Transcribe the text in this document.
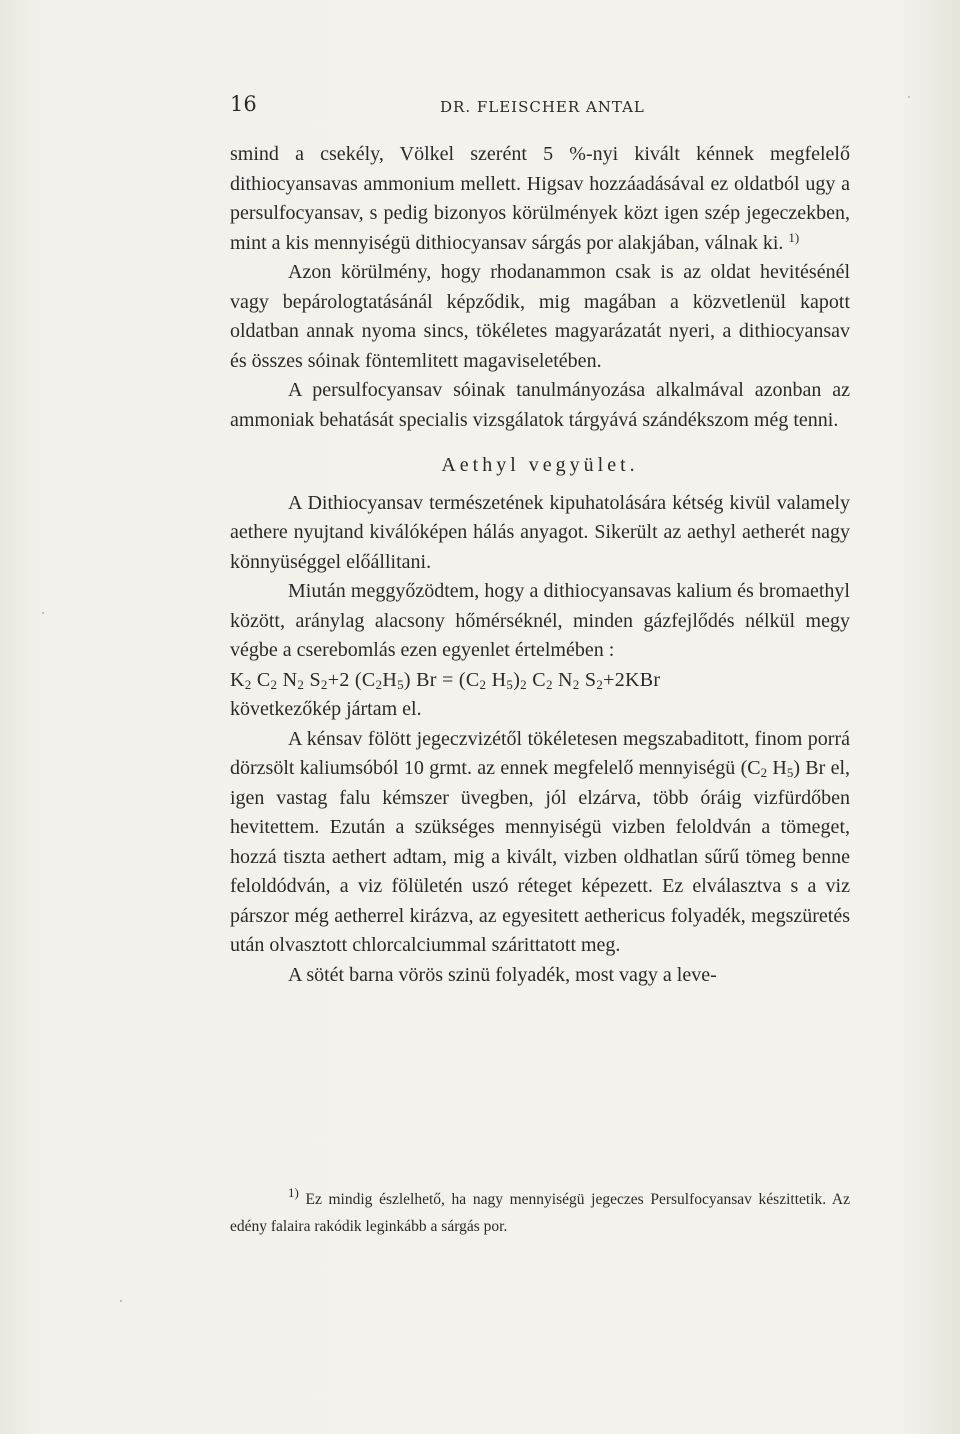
16	DR. FLEISCHER ANTAL

smind a csekély, Völkel szerént 5 %-nyi kivált kénnek megfelelő dithiocyansavas ammonium mellett. Higsav hozzáadásával ez oldatból ugy a persulfocyansav, s pedig bizonyos körülmények közt igen szép jegeczekben, mint a kis mennyiségü dithiocyansav sárgás por alakjában, válnak ki. $^{1)}$

Azon körülmény, hogy rhodanammon csak is az oldat hevitésénél vagy bepárologtatásánál képződik, mig magában a közvetlenül kapott oldatban annak nyoma sincs, tökéletes magyarázatát nyeri, a dithiocyansav és összes sóinak föntemlitett magaviseletében.

A persulfocyansav sóinak tanulmányozása alkalmával azonban az ammoniak behatását specialis vizsgálatok tárgyává szándékszom még tenni.

Aethyl vegyület.

A Dithiocyansav természetének kipuhatolására kétség kivül valamely aethere nyujtand kiválóképen hálás anyagot. Sikerült az aethyl aetherét nagy könnyüséggel előállitani.

Miután meggyőzödtem, hogy a dithiocyansavas kalium és bromaethyl között, aránylag alacsony hőmérséknél, minden gázfejlődés nélkül megy végbe a cserebomlás ezen egyenlet értelmében :

$K_2$ $C_2$ $N_2$ $S_2+2$ $(C_2H_5) Br = (C_2$ $H_5)_2$ $C_2$ $N_2$ $S_2+2KBr$

következőkép jártam el.

A kénsav fölött jegeczvizétől tökéletesen megszabaditott, finom porrá dörzsölt kaliumsóból 10 grmt. az ennek megfelelő mennyiségü ($C_2$ $H_5$) Br el, igen vastag falu kémszer üvegben, jól elzárva, több óráig vizfürdőben hevitettem. Ezután a szükséges mennyiségü vizben feloldván a tömeget, hozzá tiszta aethert adtam, mig a kivált, vizben oldhatlan sűrű tömeg benne feloldódván, a viz fölületén uszó réteget képezett. Ez elválasztva s a viz párszor még aetherrel kirázva, az egyesitett aethericus folyadék, megszüretés után olvasztott chlorcalciummal szárittatott meg.

A sötét barna vörös szinü folyadék, most vagy a leve-

$^{1)}$ Ez mindig észlelhető, ha nagy mennyiségü jegeczes Persulfocyansav készittetik. Az edény falaira rakódik leginkább a sárgás por.
